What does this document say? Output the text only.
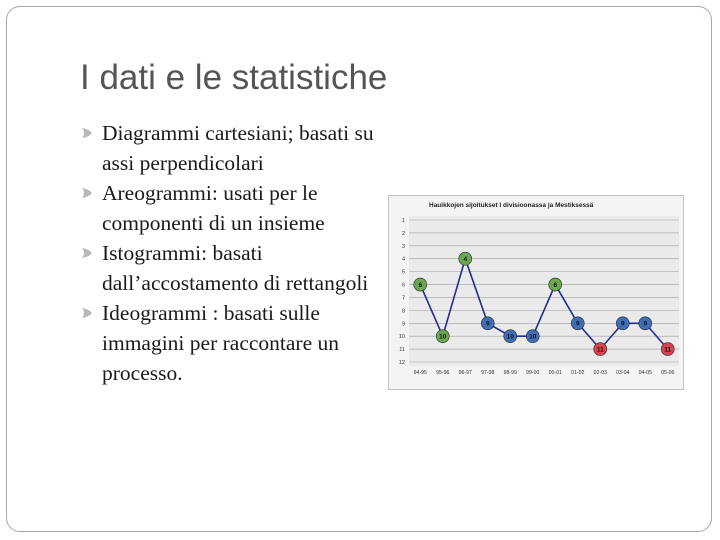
I dati e le statistiche
Diagrammi cartesiani; basati su assi perpendicolari
Areogrammi: usati per le componenti di un insieme
Istogrammi: basati dall’accostamento di rettangoli
Ideogrammi : basati sulle immagini per raccontare un processo.
Hauikkojen sijoitukset I divisioonassa ja Mestiksessä
1
2
3
4
5
6
7
8
9
10
11
12
94-95 95-96 96-97 97-98 98-99 99-00 00-01 01-02 02-03 03-04 04-05 05-06
6
10
4
9
10 10
6
9
11
9	9
11
